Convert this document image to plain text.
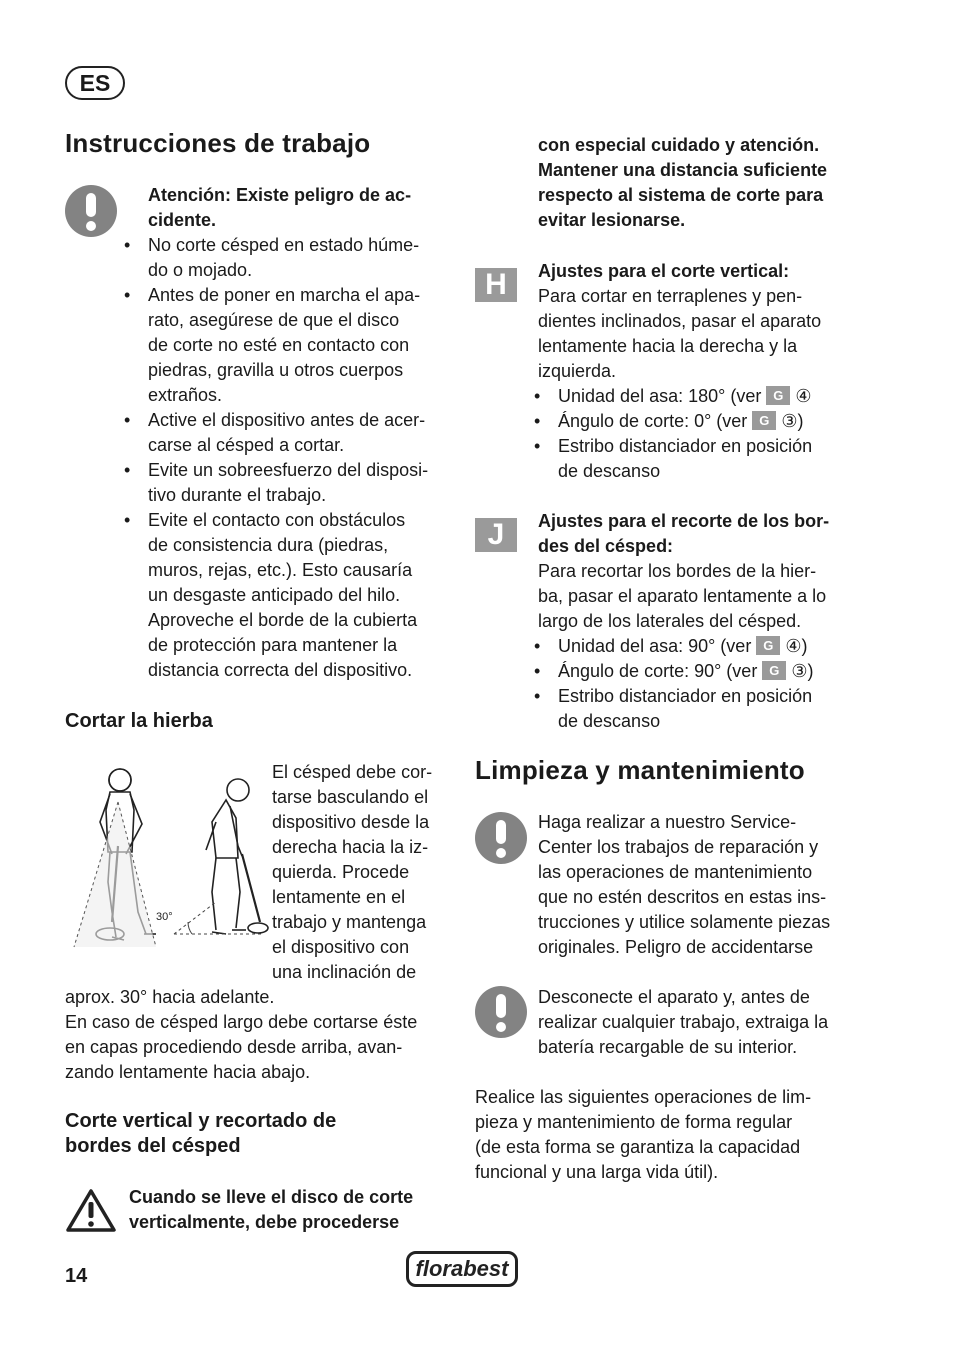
ES
Instrucciones de trabajo
Atención: Existe peligro de ac-
cidente.
• No corte césped en estado húme-
do o mojado.
• Antes de poner en marcha el apa-
rato, asegúrese de que el disco
de corte no esté en contacto con
piedras, gravilla u otros cuerpos
extraños.
• Active el dispositivo antes de acer-
carse al césped a cortar.
• Evite un sobreesfuerzo del disposi-
tivo durante el trabajo.
• Evite el contacto con obstáculos
de consistencia dura (piedras,
muros, rejas, etc.). Esto causaría
un desgaste anticipado del hilo.
Aproveche el borde de la cubierta
de protección para mantener la
distancia correcta del dispositivo.
Cortar la hierba
30°
El césped debe cor-
tarse basculando el
dispositivo desde la
derecha hacia la iz-
quierda. Procede
lentamente en el
trabajo y mantenga
el dispositivo con
una inclinación de
aprox. 30° hacia adelante.
En caso de césped largo debe cortarse éste
en capas procediendo desde arriba, avan-
zando lentamente hacia abajo.
Corte vertical y recortado de
bordes del césped
Cuando se lleve el disco de corte
verticalmente, debe procederse
con especial cuidado y atención.
Mantener una distancia suficiente
respecto al sistema de corte para
evitar lesionarse.
H	Ajustes para el corte vertical:
Para cortar en terraplenes y pen-
dientes inclinados, pasar el aparato
lentamente hacia la derecha y la
izquierda.
• Unidad del asa: 180° (ver G ④
• Ángulo de corte: 0° (ver G ③)
• Estribo distanciador en posición
de descanso
J	Ajustes para el recorte de los bor-
des del césped:
Para recortar los bordes de la hier-
ba, pasar el aparato lentamente a lo
largo de los laterales del césped.
• Unidad del asa: 90° (ver G ④)
• Ángulo de corte: 90° (ver G ③)
• Estribo distanciador en posición
de descanso
Limpieza y mantenimiento
Haga realizar a nuestro Service-
Center los trabajos de reparación y
las operaciones de mantenimiento
que no estén descritos en estas ins-
trucciones y utilice solamente piezas
originales. Peligro de accidentarse
Desconecte el aparato y, antes de
realizar cualquier trabajo, extraiga la
batería recargable de su interior.
Realice las siguientes operaciones de lim-
pieza y mantenimiento de forma regular
(de esta forma se garantiza la capacidad
funcional y una larga vida útil).
14	florabest
